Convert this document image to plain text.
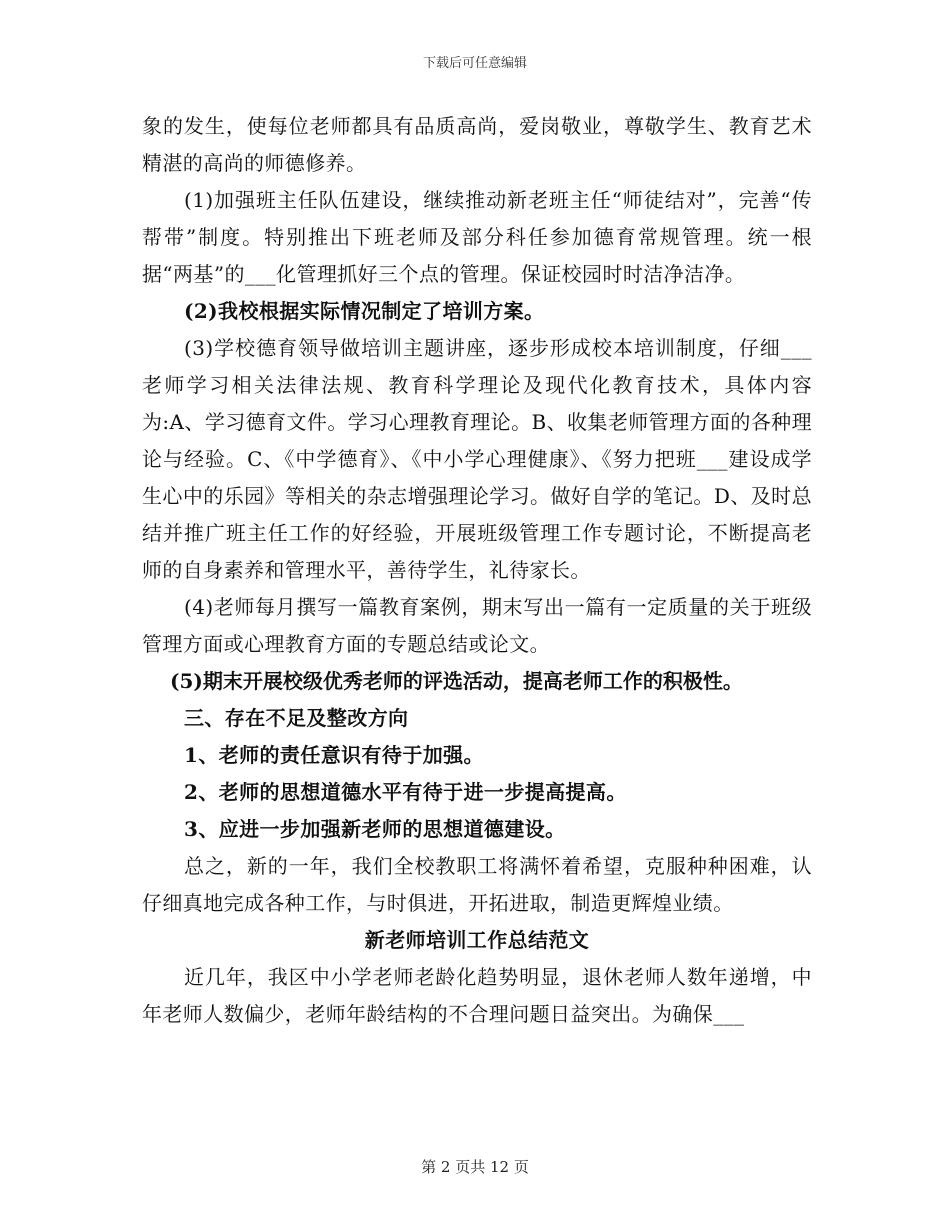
下载后可任意编辑

象的发生，使每位老师都具有品质高尚，爱岗敬业，尊敬学生、教育艺术精湛的高尚的师德修养。

(1)加强班主任队伍建设，继续推动新老班主任“师徒结对”，完善“传帮带”制度。特别推出下班老师及部分科任参加德育常规管理。统一根据“两基”的___化管理抓好三个点的管理。保证校园时时洁净洁净。

(2)我校根据实际情况制定了培训方案。

(3)学校德育领导做培训主题讲座，逐步形成校本培训制度，仔细___老师学习相关法律法规、教育科学理论及现代化教育技术，具体内容为:A、学习德育文件。学习心理教育理论。B、收集老师管理方面的各种理论与经验。C、《中学德育》、《中小学心理健康》、《努力把班___建设成学生心中的乐园》等相关的杂志增强理论学习。做好自学的笔记。D、及时总结并推广班主任工作的好经验，开展班级管理工作专题讨论，不断提高老师的自身素养和管理水平，善待学生，礼待家长。

(4)老师每月撰写一篇教育案例，期末写出一篇有一定质量的关于班级管理方面或心理教育方面的专题总结或论文。

(5)期末开展校级优秀老师的评选活动，提高老师工作的积极性。

三、存在不足及整改方向

1、老师的责任意识有待于加强。

2、老师的思想道德水平有待于进一步提高提高。

3、应进一步加强新老师的思想道德建设。

总之，新的一年，我们全校教职工将满怀着希望，克服种种困难，认仔细真地完成各种工作，与时俱进，开拓进取，制造更辉煌业绩。

新老师培训工作总结范文

近几年，我区中小学老师老龄化趋势明显，退休老师人数年递增，中年老师人数偏少，老师年龄结构的不合理问题日益突出。为确保___

第 2 页共 12 页
